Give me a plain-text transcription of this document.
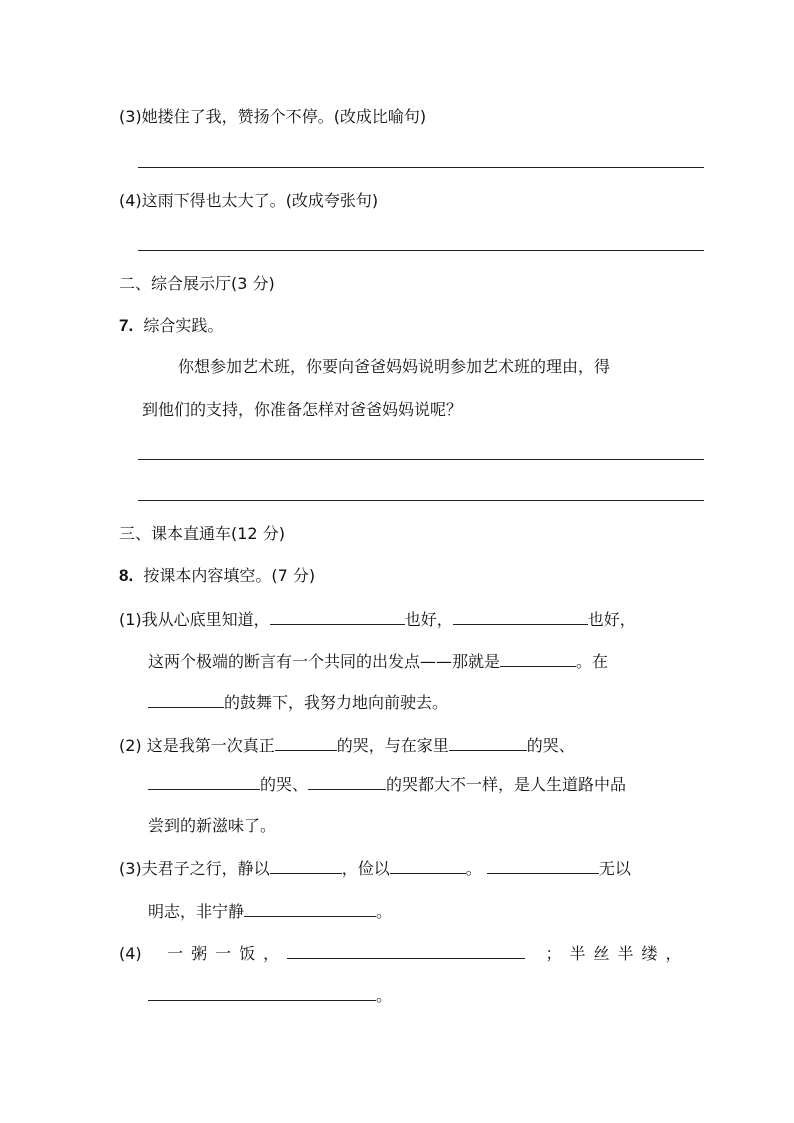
(3)她搂住了我，赞扬个不停。(改成比喻句)
(4)这雨下得也太大了。(改成夸张句)
二、综合展示厅(3 分)
7. 综合实践。
你想参加艺术班，你要向爸爸妈妈说明参加艺术班的理由，得
到他们的支持，你准备怎样对爸爸妈妈说呢？
三、课本直通车(12 分)
8. 按课本内容填空。(7 分)
(1)我从心底里知道，	也好，	也好，
这两个极端的断言有一个共同的出发点——那就是	。在
的鼓舞下，我努力地向前驶去。
(2) 这是我第一次真正	的哭，与在家里	的哭、
的哭、	的哭都大不一样，是人生道路中品
尝到的新滋味了。
(3)夫君子之行，静以	，俭以	。	无以
明志，非宁静	。
(4) 一粥一饭，	；半丝半缕，
。
